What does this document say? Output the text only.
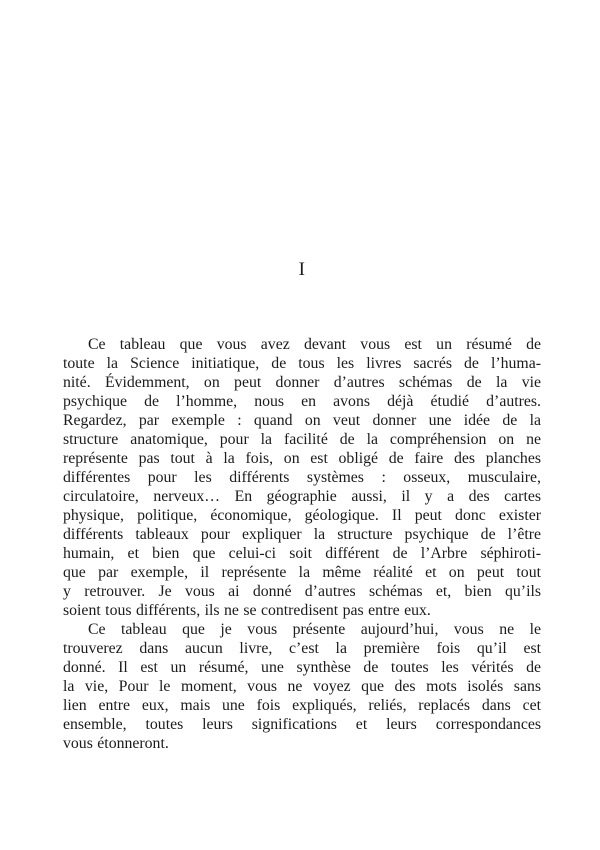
I
Ce tableau que vous avez devant vous est un résumé de
toute la Science initiatique, de tous les livres sacrés de l’huma-
nité. Évidemment, on peut donner d’autres schémas de la vie
psychique de l’homme, nous en avons déjà étudié d’autres.
Regardez, par exemple : quand on veut donner une idée de la
structure anatomique, pour la facilité de la compréhension on ne
représente pas tout à la fois, on est obligé de faire des planches
différentes pour les différents systèmes : osseux, musculaire,
circulatoire, nerveux… En géographie aussi, il y a des cartes
physique, politique, économique, géologique. Il peut donc exister
différents tableaux pour expliquer la structure psychique de l’être
humain, et bien que celui-ci soit différent de l’Arbre séphiroti-
que par exemple, il représente la même réalité et on peut tout
y retrouver. Je vous ai donné d’autres schémas et, bien qu’ils
soient tous différents, ils ne se contredisent pas entre eux.
Ce tableau que je vous présente aujourd’hui, vous ne le
trouverez dans aucun livre, c’est la première fois qu’il est
donné. Il est un résumé, une synthèse de toutes les vérités de
la vie, Pour le moment, vous ne voyez que des mots isolés sans
lien entre eux, mais une fois expliqués, reliés, replacés dans cet
ensemble, toutes leurs significations et leurs correspondances
vous étonneront.
